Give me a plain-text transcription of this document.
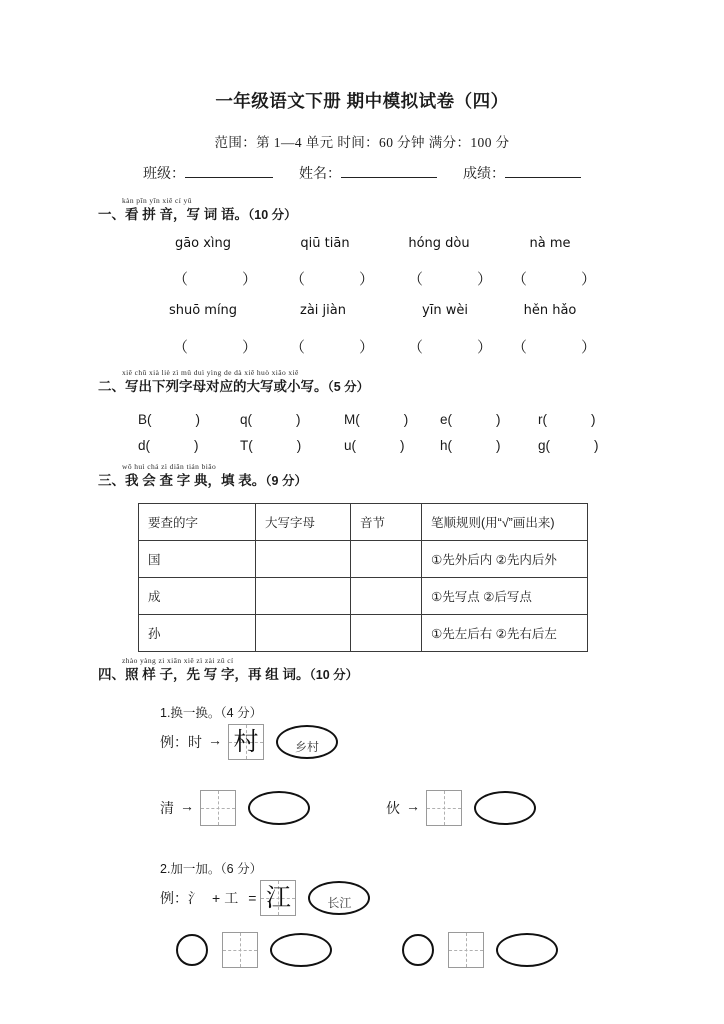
一年级语文下册 期中模拟试卷（四）
范围：第 1—4 单元 时间：60 分钟 满分：100 分
班级：	姓名：	成绩：
kàn pīn yīn xiě cí yǔ
一、看 拼 音，写 词 语。（10 分）
gāo xìng	qiū tiān	hóng dòu	nà me
（	） （	） （	） （	）
shuō míng	zài jiàn	yīn wèi	hěn hǎo
（	） （	） （	） （	）
xiě chū xià liè zì mǔ duì yìng de dà xiě huò xiǎo xiě
二、写出下列字母对应的大写或小写。（5 分）
B()	q()	M() e()	r()
d()	T()	u()	h()	g()
wǒ huì chá zì diǎn tián biǎo
三、我 会 查 字 典，填 表。（9 分）
要查的字	大写字母	音节	笔顺规则(用“√”画出来)
国			①先外后内 ②先内后外
成			①先写点 ②后写点
孙			①先左后右 ②先右后左
zhào yàng zi xiān xiě zì zài zǔ cí
四、照 样 子，先 写 字，再 组 词。（10 分）
1.换一换。（4 分）
例：时 → 村	乡村
清 →	伙 →
2.加一加。（6 分）
例：氵 + 工 = 江	长江
